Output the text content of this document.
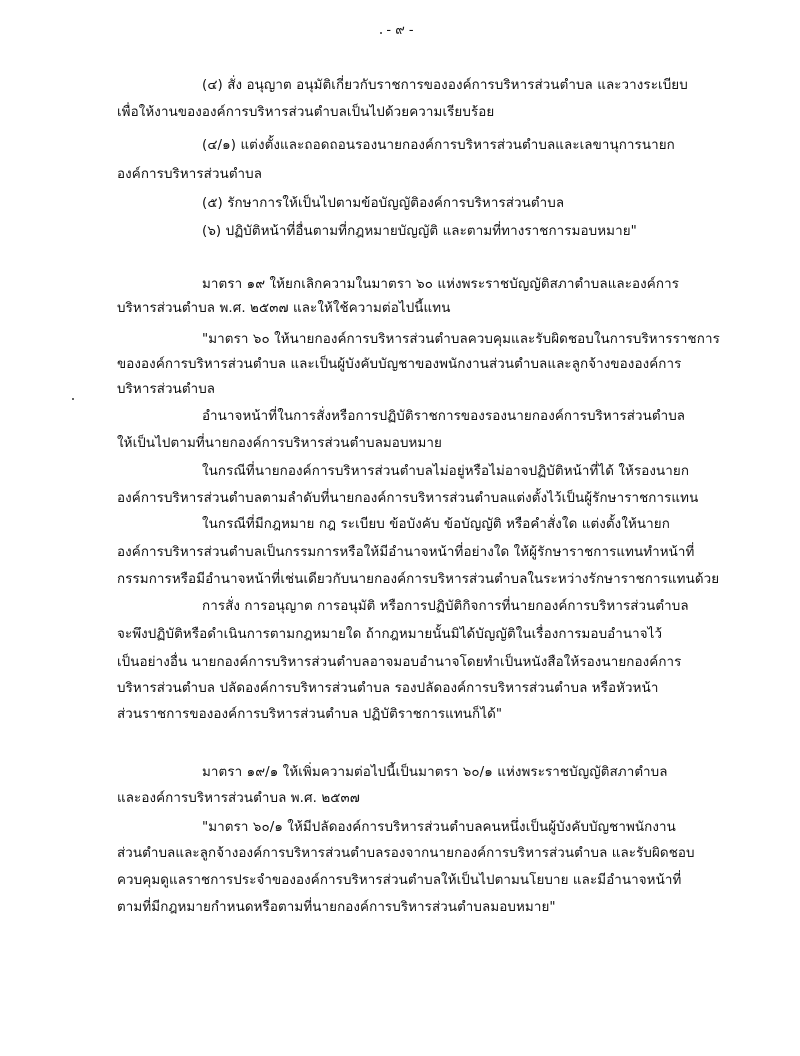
- ๙ -
(๔) สั่ง อนุญาต อนุมัติเกี่ยวกับราชการขององค์การบริหารส่วนตำบล และวางระเบียบ
เพื่อให้งานขององค์การบริหารส่วนตำบลเป็นไปด้วยความเรียบร้อย
(๔/๑) แต่งตั้งและถอดถอนรองนายกองค์การบริหารส่วนตำบลและเลขานุการนายก
องค์การบริหารส่วนตำบล
(๕) รักษาการให้เป็นไปตามข้อบัญญัติองค์การบริหารส่วนตำบล
(๖) ปฏิบัติหน้าที่อื่นตามที่กฎหมายบัญญัติ และตามที่ทางราชการมอบหมาย"
มาตรา ๑๙ ให้ยกเลิกความในมาตรา ๖๐ แห่งพระราชบัญญัติสภาตำบลและองค์การ
บริหารส่วนตำบล พ.ศ. ๒๕๓๗ และให้ใช้ความต่อไปนี้แทน
"มาตรา ๖๐ ให้นายกองค์การบริหารส่วนตำบลควบคุมและรับผิดชอบในการบริหารราชการ
ขององค์การบริหารส่วนตำบล และเป็นผู้บังคับบัญชาของพนักงานส่วนตำบลและลูกจ้างขององค์การ
บริหารส่วนตำบล
อำนาจหน้าที่ในการสั่งหรือการปฏิบัติราชการของรองนายกองค์การบริหารส่วนตำบล
ให้เป็นไปตามที่นายกองค์การบริหารส่วนตำบลมอบหมาย
ในกรณีที่นายกองค์การบริหารส่วนตำบลไม่อยู่หรือไม่อาจปฏิบัติหน้าที่ได้ ให้รองนายก
องค์การบริหารส่วนตำบลตามลำดับที่นายกองค์การบริหารส่วนตำบลแต่งตั้งไว้เป็นผู้รักษาราชการแทน
ในกรณีที่มีกฎหมาย กฎ ระเบียบ ข้อบังคับ ข้อบัญญัติ หรือคำสั่งใด แต่งตั้งให้นายก
องค์การบริหารส่วนตำบลเป็นกรรมการหรือให้มีอำนาจหน้าที่อย่างใด ให้ผู้รักษาราชการแทนทำหน้าที่
กรรมการหรือมีอำนาจหน้าที่เช่นเดียวกับนายกองค์การบริหารส่วนตำบลในระหว่างรักษาราชการแทนด้วย
การสั่ง การอนุญาต การอนุมัติ หรือการปฏิบัติกิจการที่นายกองค์การบริหารส่วนตำบล
จะพึงปฏิบัติหรือดำเนินการตามกฎหมายใด ถ้ากฎหมายนั้นมิได้บัญญัติในเรื่องการมอบอำนาจไว้
เป็นอย่างอื่น นายกองค์การบริหารส่วนตำบลอาจมอบอำนาจโดยทำเป็นหนังสือให้รองนายกองค์การ
บริหารส่วนตำบล ปลัดองค์การบริหารส่วนตำบล รองปลัดองค์การบริหารส่วนตำบล หรือหัวหน้า
ส่วนราชการขององค์การบริหารส่วนตำบล ปฏิบัติราชการแทนก็ได้"
มาตรา ๑๙/๑ ให้เพิ่มความต่อไปนี้เป็นมาตรา ๖๐/๑ แห่งพระราชบัญญัติสภาตำบล
และองค์การบริหารส่วนตำบล พ.ศ. ๒๕๓๗
"มาตรา ๖๐/๑ ให้มีปลัดองค์การบริหารส่วนตำบลคนหนึ่งเป็นผู้บังคับบัญชาพนักงาน
ส่วนตำบลและลูกจ้างองค์การบริหารส่วนตำบลรองจากนายกองค์การบริหารส่วนตำบล และรับผิดชอบ
ควบคุมดูแลราชการประจำขององค์การบริหารส่วนตำบลให้เป็นไปตามนโยบาย และมีอำนาจหน้าที่
ตามที่มีกฎหมายกำหนดหรือตามที่นายกองค์การบริหารส่วนตำบลมอบหมาย"
